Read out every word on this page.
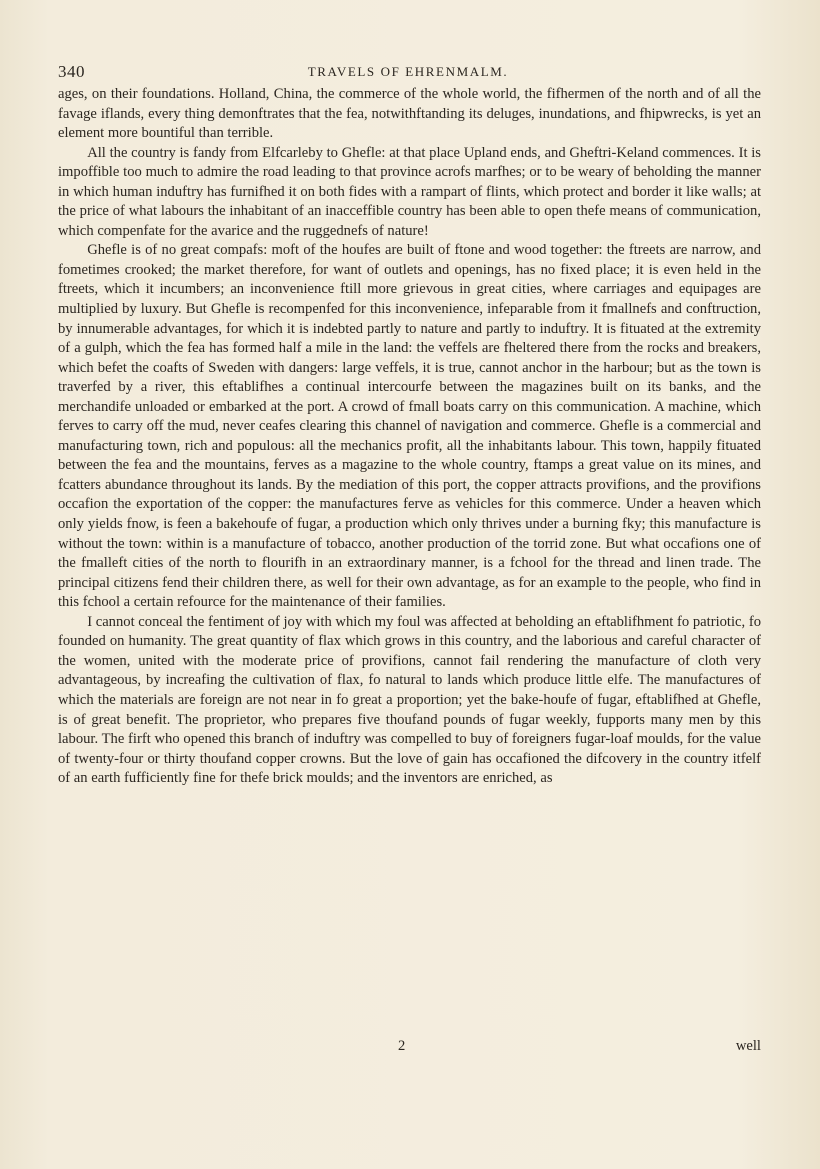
340	TRAVELS OF EHRENMALM.

ages, on their foundations. Holland, China, the commerce of the whole world, the fifhermen of the north and of all the favage iflands, every thing demonftrates that the fea, notwithftanding its deluges, inundations, and fhipwrecks, is yet an element more bountiful than terrible.

All the country is fandy from Elfcarleby to Ghefle: at that place Upland ends, and Gheftri-Keland commences. It is impoffible too much to admire the road leading to that province acrofs marfhes; or to be weary of beholding the manner in which human induftry has furnifhed it on both fides with a rampart of flints, which protect and border it like walls; at the price of what labours the inhabitant of an inacceffible country has been able to open thefe means of communication, which compenfate for the avarice and the ruggednefs of nature!

Ghefle is of no great compafs: moft of the houfes are built of ftone and wood together: the ftreets are narrow, and fometimes crooked; the market therefore, for want of outlets and openings, has no fixed place; it is even held in the ftreets, which it incumbers; an inconvenience ftill more grievous in great cities, where carriages and equipages are multiplied by luxury. But Ghefle is recompenfed for this inconvenience, infeparable from it fmallnefs and conftruction, by innumerable advantages, for which it is indebted partly to nature and partly to induftry. It is fituated at the extremity of a gulph, which the fea has formed half a mile in the land: the veffels are fheltered there from the rocks and breakers, which befet the coafts of Sweden with dangers: large veffels, it is true, cannot anchor in the harbour; but as the town is traverfed by a river, this eftablifhes a continual intercourfe between the magazines built on its banks, and the merchandife unloaded or embarked at the port. A crowd of fmall boats carry on this communication. A machine, which ferves to carry off the mud, never ceafes clearing this channel of navigation and commerce. Ghefle is a commercial and manufacturing town, rich and populous: all the mechanics profit, all the inhabitants labour. This town, happily fituated between the fea and the mountains, ferves as a magazine to the whole country, ftamps a great value on its mines, and fcatters abundance throughout its lands. By the mediation of this port, the copper attracts provifions, and the provifions occafion the exportation of the copper: the manufactures ferve as vehicles for this commerce. Under a heaven which only yields fnow, is feen a bakehoufe of fugar, a production which only thrives under a burning fky; this manufacture is without the town: within is a manufacture of tobacco, another production of the torrid zone. But what occafions one of the fmalleft cities of the north to flourifh in an extraordinary manner, is a fchool for the thread and linen trade. The principal citizens fend their children there, as well for their own advantage, as for an example to the people, who find in this fchool a certain refource for the maintenance of their families.

I cannot conceal the fentiment of joy with which my foul was affected at beholding an eftablifhment fo patriotic, fo founded on humanity. The great quantity of flax which grows in this country, and the laborious and careful character of the women, united with the moderate price of provifions, cannot fail rendering the manufacture of cloth very advantageous, by increafing the cultivation of flax, fo natural to lands which produce little elfe. The manufactures of which the materials are foreign are not near in fo great a proportion; yet the bake-houfe of fugar, eftablifhed at Ghefle, is of great benefit. The proprietor, who prepares five thoufand pounds of fugar weekly, fupports many men by this labour. The firft who opened this branch of induftry was compelled to buy of foreigners fugar-loaf moulds, for the value of twenty-four or thirty thoufand copper crowns. But the love of gain has occafioned the difcovery in the country itfelf of an earth fufficiently fine for thefe brick moulds; and the inventors are enriched, as

2	well
